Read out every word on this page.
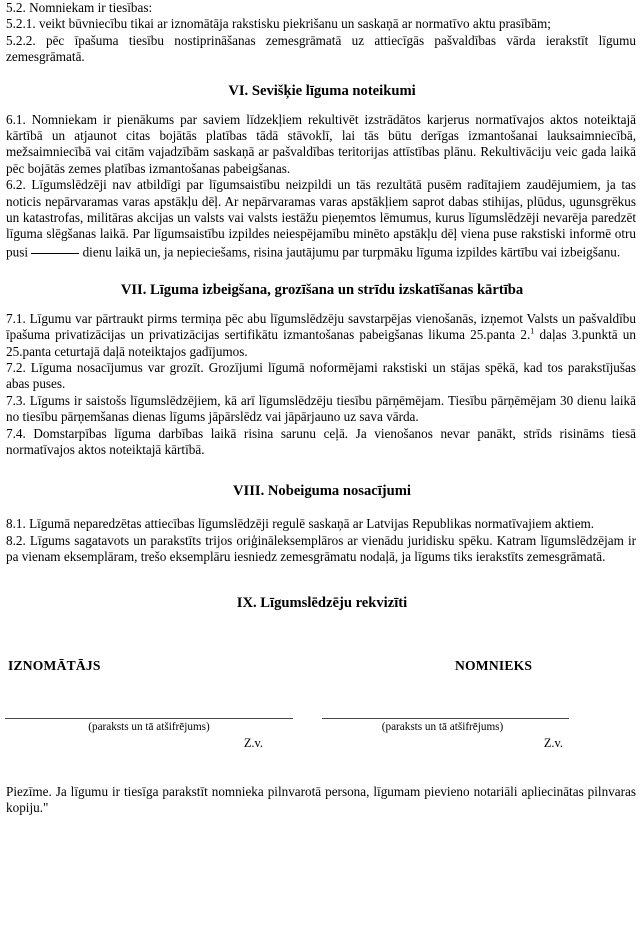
5.2. Nomniekam ir tiesības:

5.2.1. veikt būvniecību tikai ar iznomātāja rakstisku piekrišanu un saskaņā ar normatīvo aktu prasībām;

5.2.2. pēc īpašuma tiesību nostiprināšanas zemesgrāmatā uz attiecīgās pašvaldības vārda ierakstīt līgumu zemesgrāmatā.

VI. Sevišķie līguma noteikumi

6.1. Nomniekam ir pienākums par saviem līdzekļiem rekultivēt izstrādātos karjerus normatīvajos aktos noteiktajā kārtībā un atjaunot citas bojātās platības tādā stāvoklī, lai tās būtu derīgas izmantošanai lauksaimniecībā, mežsaimniecībā vai citām vajadzībām saskaņā ar pašvaldības teritorijas attīstības plānu. Rekultivāciju veic gada laikā pēc bojātās zemes platības izmantošanas pabeigšanas.

6.2. Līgumslēdzēji nav atbildīgi par līgumsaistību neizpildi un tās rezultātā pusēm radītajiem zaudējumiem, ja tas noticis nepārvaramas varas apstākļu dēļ. Ar nepārvaramas varas apstākļiem saprot dabas stihijas, plūdus, ugunsgrēkus un katastrofas, militāras akcijas un valsts vai valsts iestāžu pieņemtos lēmumus, kurus līgumslēdzēji nevarēja paredzēt līguma slēgšanas laikā. Par līgumsaistību izpildes neiespējamību minēto apstākļu dēļ viena puse rakstiski informē otru pusi	dienu laikā un, ja nepieciešams, risina jautājumu par turpmāku līguma izpildes kārtību vai izbeigšanu.

VII. Līguma izbeigšana, grozīšana un strīdu izskatīšanas kārtība

7.1. Līgumu var pārtraukt pirms termiņa pēc abu līgumslēdzēju savstarpējas vienošanās, izņemot Valsts un pašvaldību īpašuma privatizācijas un privatizācijas sertifikātu izmantošanas pabeigšanas likuma 25.panta 2.$^1$ daļas 3.punktā un 25.panta ceturtajā daļā noteiktajos gadījumos.

7.2. Līguma nosacījumus var grozīt. Grozījumi līgumā noformējami rakstiski un stājas spēkā, kad tos parakstījušas abas puses.

7.3. Līgums ir saistošs līgumslēdzējiem, kā arī līgumslēdzēju tiesību pārņēmējam. Tiesību pārņēmējam 30 dienu laikā no tiesību pārņemšanas dienas līgums jāpārslēdz vai jāpārjauno uz sava vārda.

7.4. Domstarpības līguma darbības laikā risina sarunu ceļā. Ja vienošanos nevar panākt, strīds risināms tiesā normatīvajos aktos noteiktajā kārtībā.

VIII. Nobeiguma nosacījumi

8.1. Līgumā neparedzētas attiecības līgumslēdzēji regulē saskaņā ar Latvijas Republikas normatīvajiem aktiem.

8.2. Līgums sagatavots un parakstīts trijos oriģināleksemplāros ar vienādu juridisku spēku. Katram līgumslēdzējam ir pa vienam eksemplāram, trešo eksemplāru iesniedz zemesgrāmatu nodaļā, ja līgums tiks ierakstīts zemesgrāmatā.

IX. Līgumslēdzēju rekvizīti
IZNOMĀTĀJS	NOMNIEKS
(paraksts un tā atšifrējums)
Z.v.
(paraksts un tā atšifrējums)
Z.v.

Piezīme. Ja līgumu ir tiesīga parakstīt nomnieka pilnvarotā persona, līgumam pievieno notariāli apliecinātas pilnvaras kopiju."
